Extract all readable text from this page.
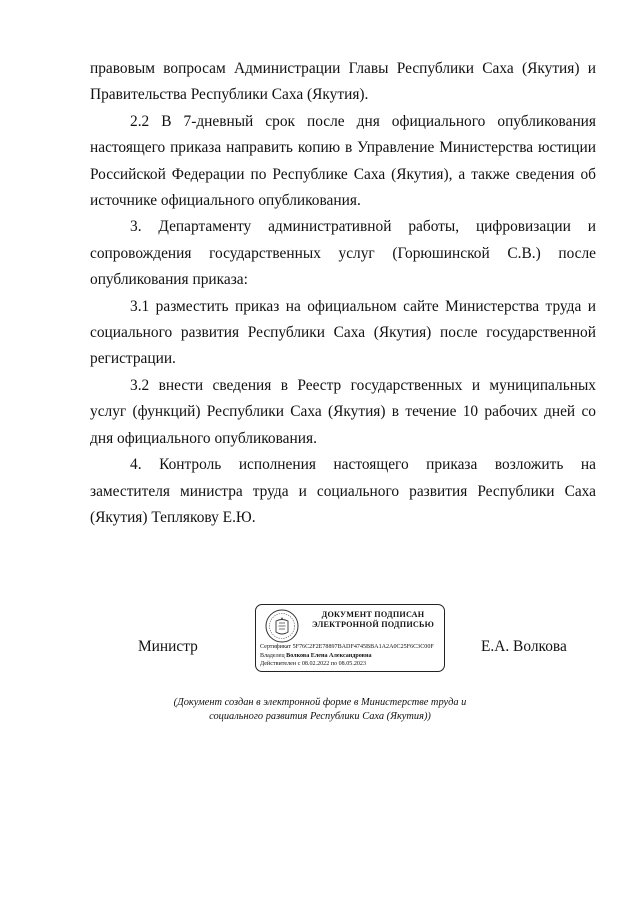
правовым вопросам Администрации Главы Республики Саха (Якутия) и Правительства Республики Саха (Якутия).

2.2 В 7-дневный срок после дня официального опубликования настоящего приказа направить копию в Управление Министерства юстиции Российской Федерации по Республике Саха (Якутия), а также сведения об источнике официального опубликования.

3. Департаменту административной работы, цифровизации и сопровождения государственных услуг (Горюшинской С.В.) после опубликования приказа:

3.1 разместить приказ на официальном сайте Министерства труда и социального развития Республики Саха (Якутия) после государственной регистрации.

3.2 внести сведения в Реестр государственных и муниципальных услуг (функций) Республики Саха (Якутия) в течение 10 рабочих дней со дня официального опубликования.

4. Контроль исполнения настоящего приказа возложить на заместителя министра труда и социального развития Республики Саха (Якутия) Теплякову Е.Ю.

Министр
ДОКУМЕНТ ПОДПИСАН
ЭЛЕКТРОННОЙ ПОДПИСЬЮ
Сертификат 5F76C2F2E78897BADF4745BBA1A2A0C25F6C3C00F
Владелец Волкова Елена Александровна
Действителен с 08.02.2022 по 08.05.2023
Е.А. Волкова
(Документ создан в электронной форме в Министерстве труда и
социального развития Республики Саха (Якутия))
